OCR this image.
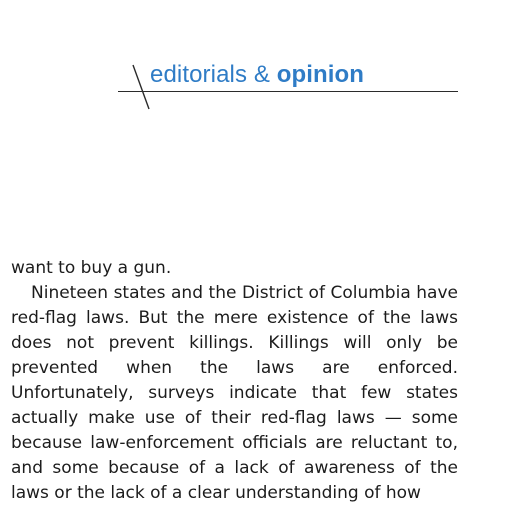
editorials & opinion

want to buy a gun.

Nineteen states and the District of Columbia have red-flag laws. But the mere existence of the laws does not prevent killings. Killings will only be prevented when the laws are enforced. Unfortunately, surveys indicate that few states actually make use of their red-flag laws — some because law-enforcement officials are reluctant to, and some because of a lack of awareness of the laws or the lack of a clear understanding of how
